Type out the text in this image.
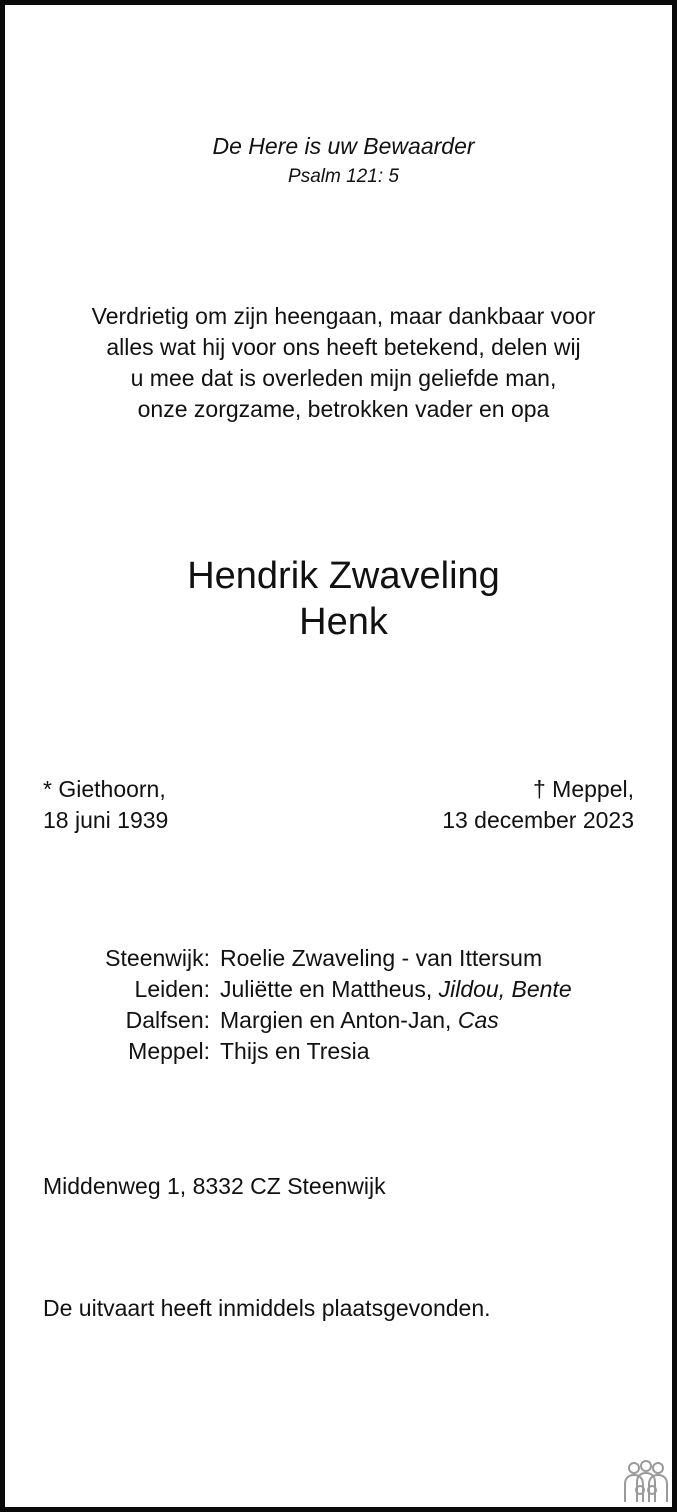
De Here is uw Bewaarder
Psalm 121: 5
Verdrietig om zijn heengaan, maar dankbaar voor
alles wat hij voor ons heeft betekend, delen wij
u mee dat is overleden mijn geliefde man,
onze zorgzame, betrokken vader en opa
Hendrik Zwaveling
Henk
* Giethoorn,
18 juni 1939
† Meppel,
13 december 2023
Steenwijk: Roelie Zwaveling - van Ittersum
Leiden: Juliëtte en Mattheus, Jildou, Bente
Dalfsen: Margien en Anton-Jan, Cas
Meppel: Thijs en Tresia
Middenweg 1, 8332 CZ Steenwijk
De uitvaart heeft inmiddels plaatsgevonden.
